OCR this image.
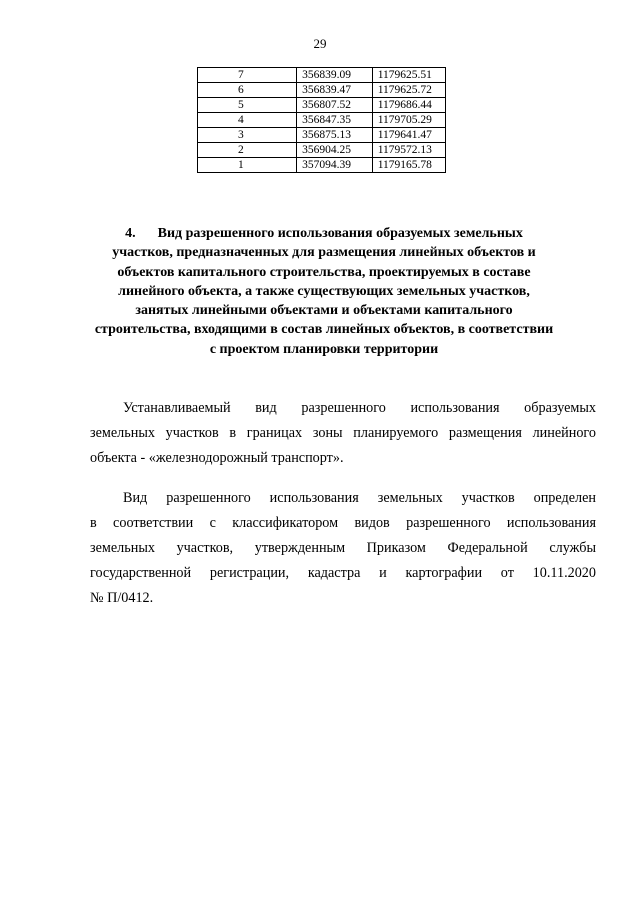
29
7	356839.09	1179625.51
6	356839.47	1179625.72
5	356807.52	1179686.44
4	356847.35	1179705.29
3	356875.13	1179641.47
2	356904.25	1179572.13
1	357094.39	1179165.78
4. Вид разрешенного использования образуемых земельных
участков, предназначенных для размещения линейных объектов и
объектов капитального строительства, проектируемых в составе
линейного объекта, а также существующих земельных участков,
занятых линейными объектами и объектами капитального
строительства, входящими в состав линейных объектов, в соответствии
с проектом планировки территории
Устанавливаемый вид разрешенного использования образуемых
земельных участков в границах зоны планируемого размещения линейного
объекта - «железнодорожный транспорт».
Вид разрешенного использования земельных участков определен
в соответствии с классификатором видов разрешенного использования
земельных участков, утвержденным Приказом Федеральной службы
государственной регистрации, кадастра и картографии от 10.11.2020
№ П/0412.
